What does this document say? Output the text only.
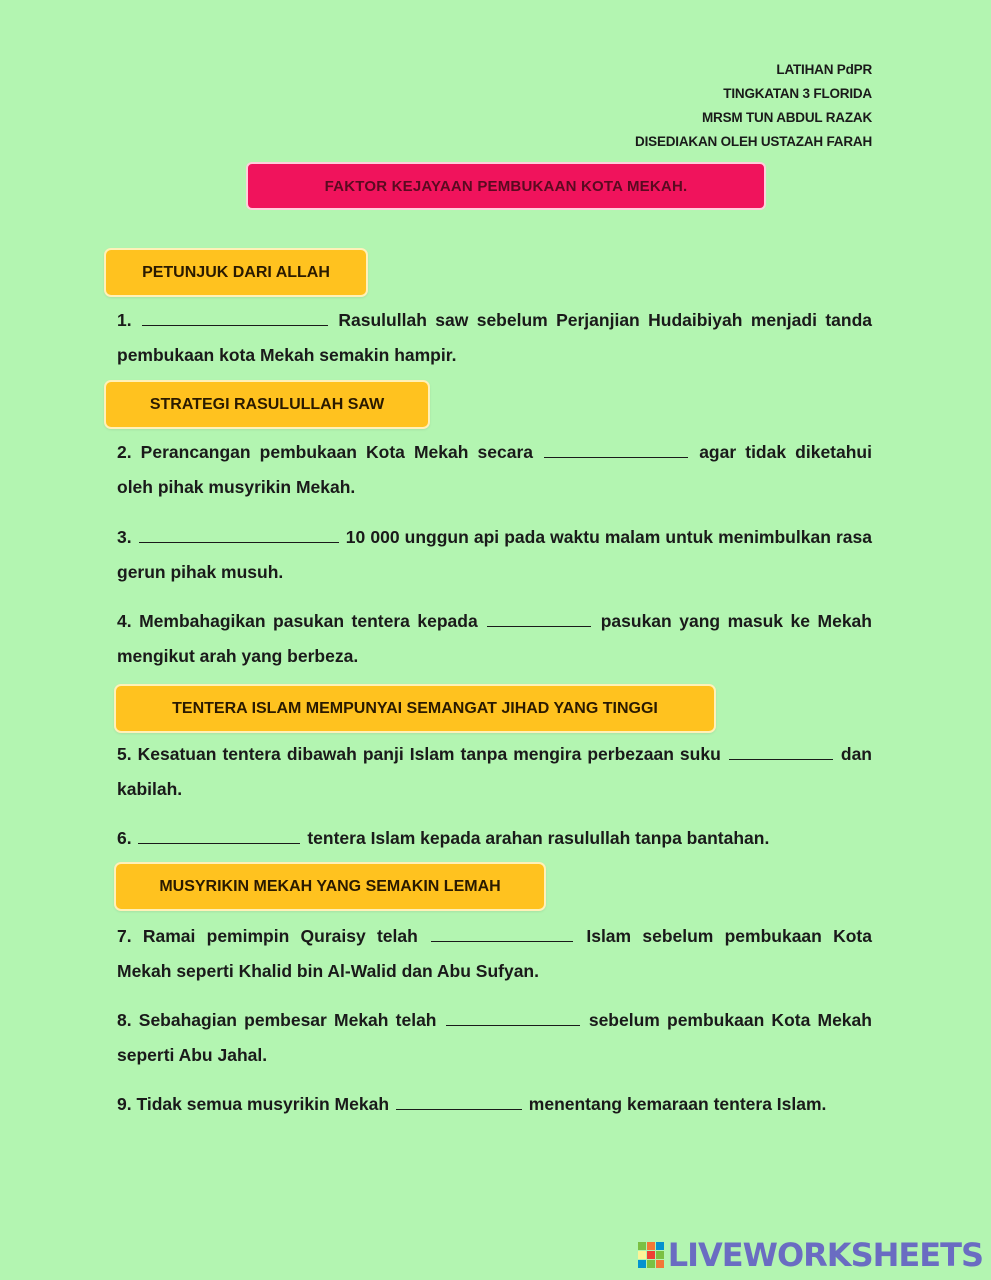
LATIHAN PdPR
TINGKATAN 3 FLORIDA
MRSM TUN ABDUL RAZAK
DISEDIAKAN OLEH USTAZAH FARAH
FAKTOR KEJAYAAN PEMBUKAAN KOTA MEKAH.
PETUNJUK DARI ALLAH
1.	Rasulullah saw sebelum Perjanjian Hudaibiyah menjadi tanda pembukaan kota Mekah semakin hampir.
STRATEGI RASULULLAH SAW
2. Perancangan pembukaan Kota Mekah secara	agar tidak diketahui oleh pihak musyrikin Mekah.
3.	10 000 unggun api pada waktu malam untuk menimbulkan rasa gerun pihak musuh.
4. Membahagikan pasukan tentera kepada	pasukan yang masuk ke Mekah mengikut arah yang berbeza.
TENTERA ISLAM MEMPUNYAI SEMANGAT JIHAD YANG TINGGI
5. Kesatuan tentera dibawah panji Islam tanpa mengira perbezaan suku	dan kabilah.
6.	tentera Islam kepada arahan rasulullah tanpa bantahan.
MUSYRIKIN MEKAH YANG SEMAKIN LEMAH
7. Ramai pemimpin Quraisy telah	Islam sebelum pembukaan Kota Mekah seperti Khalid bin Al-Walid dan Abu Sufyan.
8. Sebahagian pembesar Mekah telah	sebelum pembukaan Kota Mekah seperti Abu Jahal.
9. Tidak semua musyrikin Mekah	menentang kemaraan tentera Islam.
LIVEWORKSHEETS
